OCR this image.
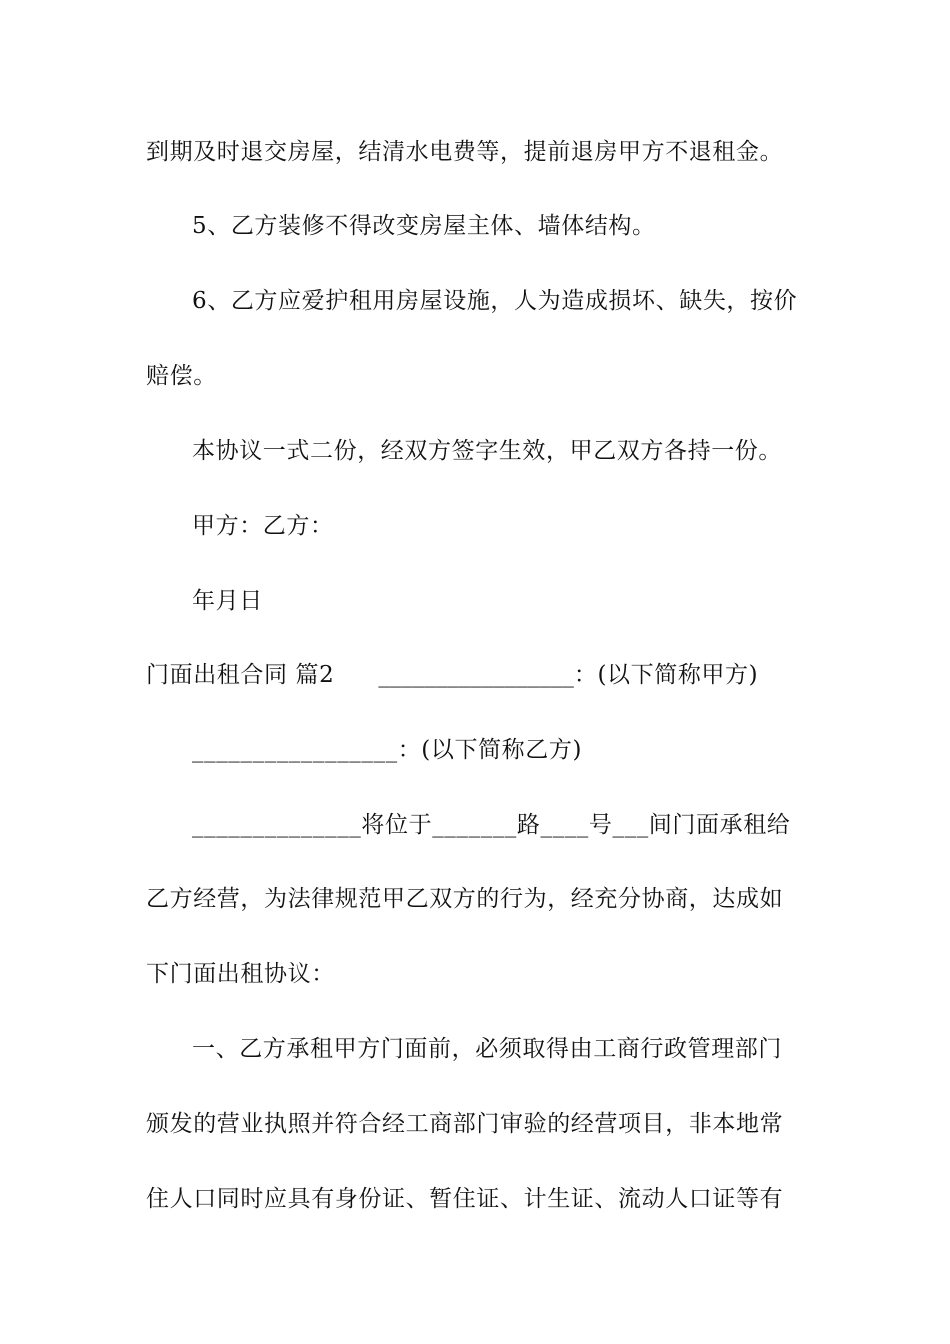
到期及时退交房屋，结清水电费等，提前退房甲方不退租金。
5、乙方装修不得改变房屋主体、墙体结构。
6、乙方应爱护租用房屋设施，人为造成损坏、缺失，按价
赔偿。
本协议一式二份，经双方签字生效，甲乙双方各持一份。
甲方：乙方：
年月日
门面出租合同 篇2 _________________：(以下简称甲方)
_________________：(以下简称乙方)
______________将位于_______路____号___间门面承租给
乙方经营，为法律规范甲乙双方的行为，经充分协商，达成如
下门面出租协议：
一、乙方承租甲方门面前，必须取得由工商行政管理部门
颁发的营业执照并符合经工商部门审验的经营项目，非本地常
住人口同时应具有身份证、暂住证、计生证、流动人口证等有
